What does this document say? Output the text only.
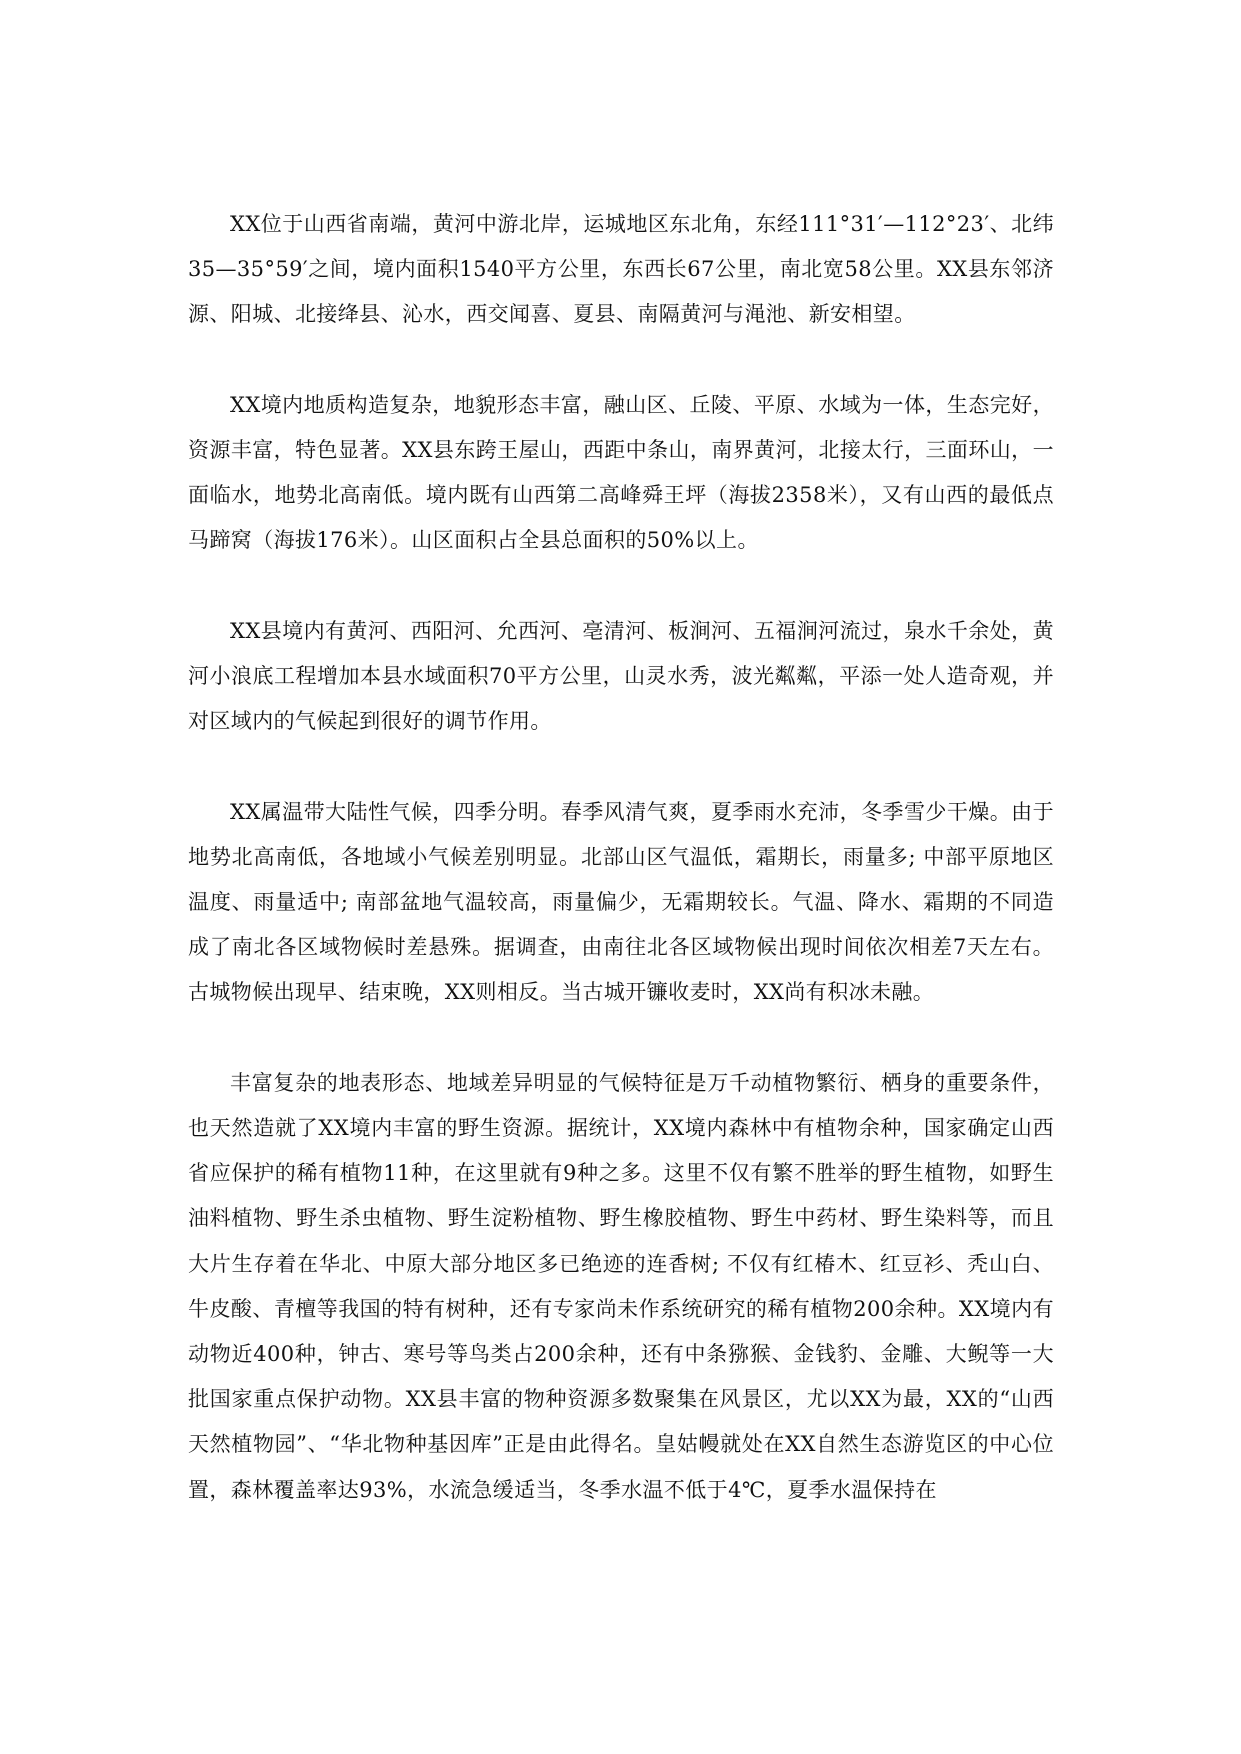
XX位于山西省南端，黄河中游北岸，运城地区东北角，东经111°31′—112°23′、北纬35—35°59′之间，境内面积1540平方公里，东西长67公里，南北宽58公里。XX县东邻济源、阳城、北接绛县、沁水，西交闻喜、夏县、南隔黄河与渑池、新安相望。

XX境内地质构造复杂，地貌形态丰富，融山区、丘陵、平原、水域为一体，生态完好，资源丰富，特色显著。XX县东跨王屋山，西距中条山，南界黄河，北接太行，三面环山，一面临水，地势北高南低。境内既有山西第二高峰舜王坪（海拔2358米），又有山西的最低点马蹄窝（海拔176米）。山区面积占全县总面积的50%以上。

XX县境内有黄河、西阳河、允西河、亳清河、板涧河、五福涧河流过，泉水千余处，黄河小浪底工程增加本县水域面积70平方公里，山灵水秀，波光粼粼，平添一处人造奇观，并对区域内的气候起到很好的调节作用。

XX属温带大陆性气候，四季分明。春季风清气爽，夏季雨水充沛，冬季雪少干燥。由于地势北高南低，各地域小气候差别明显。北部山区气温低，霜期长，雨量多; 中部平原地区温度、雨量适中; 南部盆地气温较高，雨量偏少，无霜期较长。气温、降水、霜期的不同造成了南北各区域物候时差悬殊。据调查，由南往北各区域物候出现时间依次相差7天左右。古城物候出现早、结束晚，XX则相反。当古城开镰收麦时，XX尚有积冰未融。

丰富复杂的地表形态、地域差异明显的气候特征是万千动植物繁衍、栖身的重要条件，也天然造就了XX境内丰富的野生资源。据统计，XX境内森林中有植物余种，国家确定山西省应保护的稀有植物11种，在这里就有9种之多。这里不仅有繁不胜举的野生植物，如野生油料植物、野生杀虫植物、野生淀粉植物、野生橡胶植物、野生中药材、野生染料等，而且大片生存着在华北、中原大部分地区多已绝迹的连香树; 不仅有红椿木、红豆衫、秃山白、牛皮酸、青檀等我国的特有树种，还有专家尚未作系统研究的稀有植物200余种。XX境内有动物近400种，钟古、寒号等鸟类占200余种，还有中条猕猴、金钱豹、金雕、大鲵等一大批国家重点保护动物。XX县丰富的物种资源多数聚集在风景区，尤以XX为最，XX的“山西天然植物园”、“华北物种基因库”正是由此得名。皇姑幔就处在XX自然生态游览区的中心位置，森林覆盖率达93%，水流急缓适当，冬季水温不低于4℃，夏季水温保持在
